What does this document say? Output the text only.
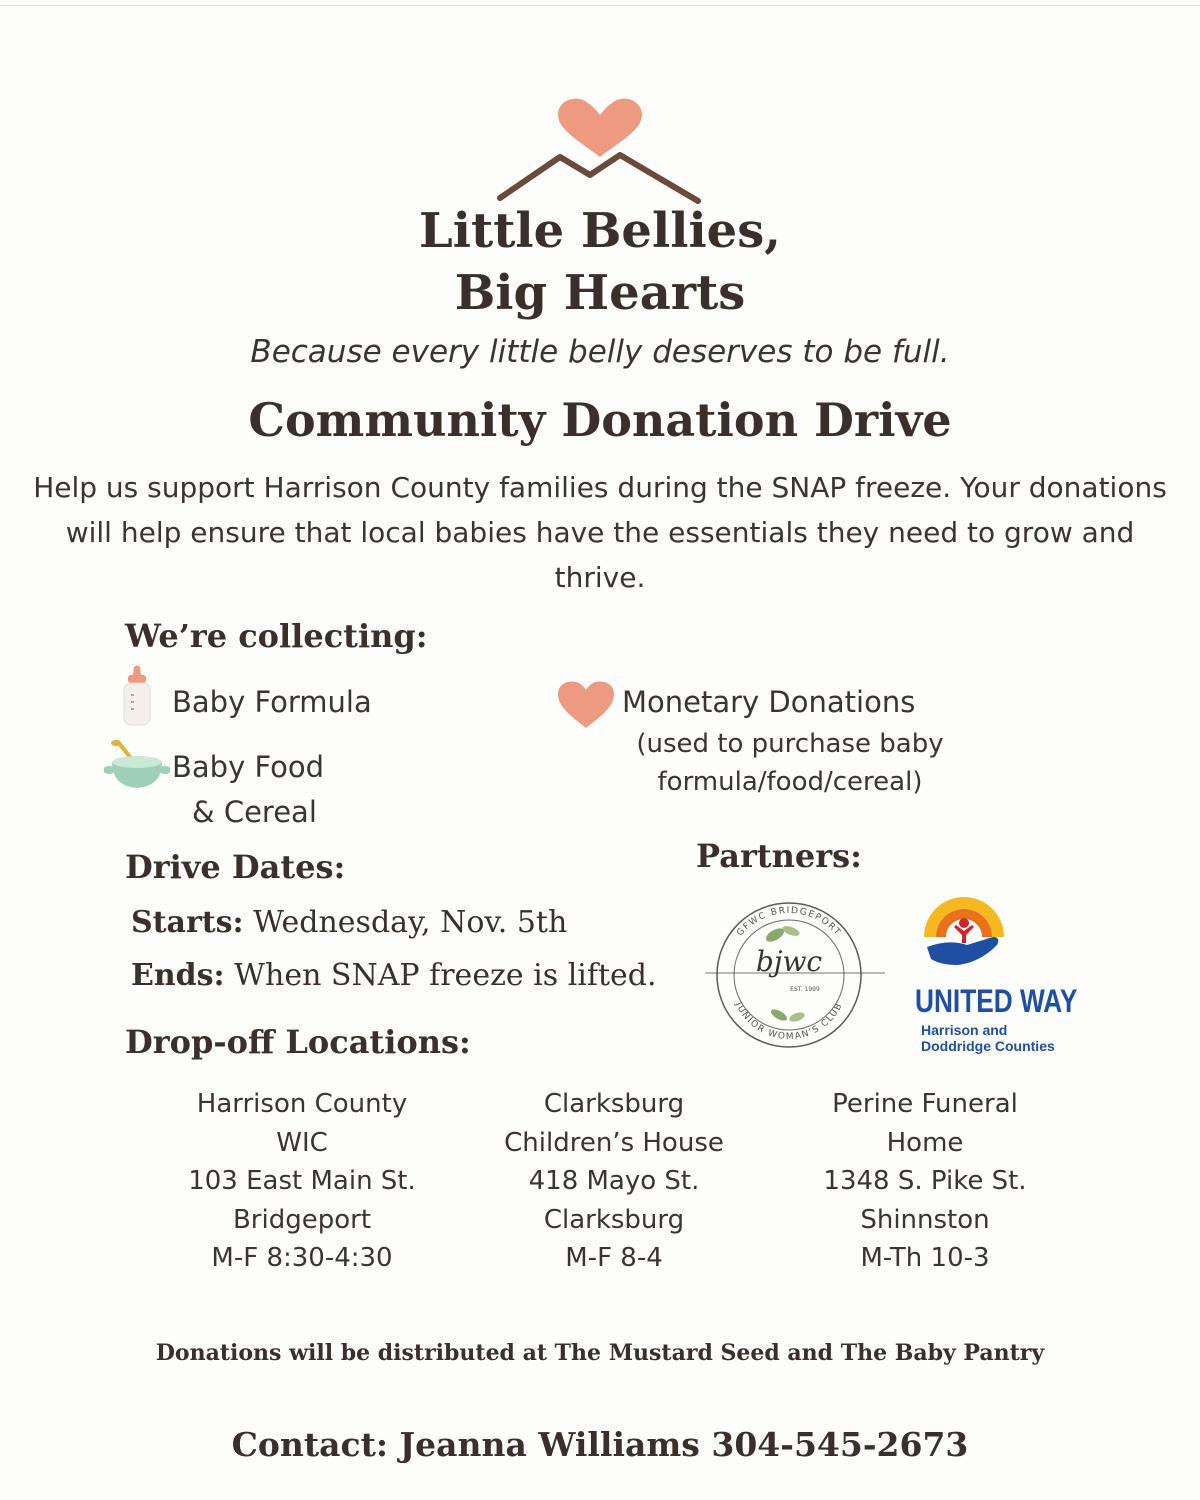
Little Bellies,
Big Hearts
Because every little belly deserves to be full.
Community Donation Drive
Help us support Harrison County families during the SNAP freeze. Your donations will help ensure that local babies have the essentials they need to grow and thrive.
We’re collecting:
Baby Formula
Baby Food
& Cereal
Monetary Donations
(used to purchase baby
formula/food/cereal)
Drive Dates:
Starts: Wednesday, Nov. 5th
Ends: When SNAP freeze is lifted.
Partners:
GFWC BRIDGEPORT
JUNIOR WOMAN'S CLUB
bjwc
EST. 1999	UNITED WAY
Harrison and
Doddridge Counties
Drop-off Locations:
Harrison County
WIC
103 East Main St.
Bridgeport
M-F 8:30-4:30
Clarksburg
Children’s House
418 Mayo St.
Clarksburg
M-F 8-4
Perine Funeral
Home
1348 S. Pike St.
Shinnston
M-Th 10-3
Donations will be distributed at The Mustard Seed and The Baby Pantry
Contact: Jeanna Williams 304-545-2673
